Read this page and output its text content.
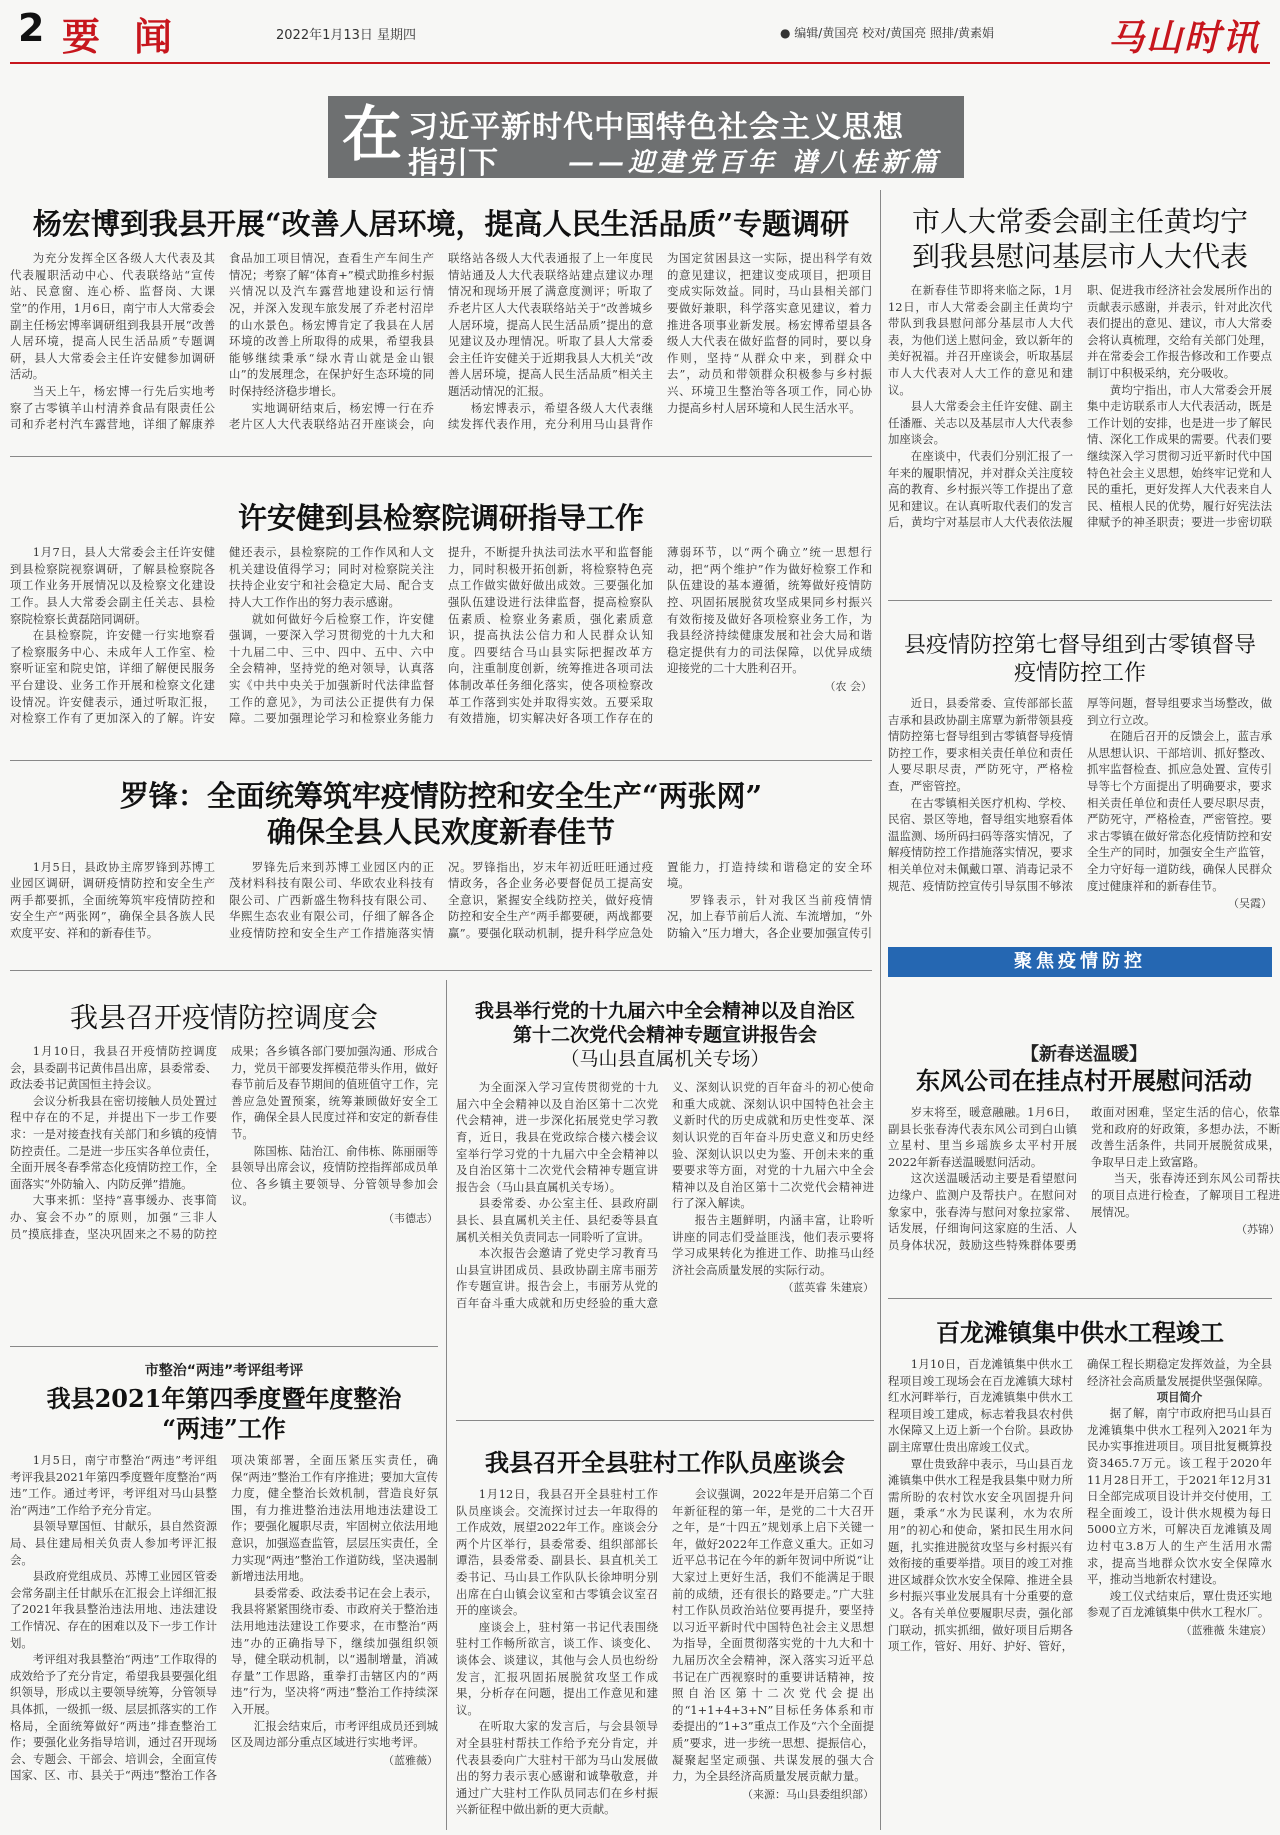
2 要闻	2022年1月13日 星期四	● 编辑/黄国亮 校对/黄国亮 照排/黄素娟	马山时讯
在 习近平新时代中国特色社会主义思想
指引下	——迎建党百年 谱八桂新篇
杨宏博到我县开展“改善人居环境，提高人民生活品质”专题调研

为充分发挥全区各级人大代表及其代表履职活动中心、代表联络站“宣传站、民意窗、连心桥、监督岗、大课堂”的作用，1月6日，南宁市人大常委会副主任杨宏博率调研组到我县开展“改善人居环境，提高人民生活品质”专题调研，县人大常委会主任许安健参加调研活动。

当天上午，杨宏博一行先后实地考察了古零镇羊山村清养食品有限责任公司和乔老村汽车露营地，详细了解康养食品加工项目情况，查看生产车间生产情况；考察了解“体育+”模式助推乡村振兴情况以及汽车露营地建设和运行情况，并深入发现车旅发展了乔老村沼岸的山水景色。杨宏博肯定了我县在人居环境的改善上所取得的成果，希望我县能够继续秉承“绿水青山就是金山银山”的发展理念，在保护好生态环境的同时保持经济稳步增长。

实地调研结束后，杨宏博一行在乔老片区人大代表联络站召开座谈会，向联络站各级人大代表通报了上一年度民情站通及人大代表联络站建点建议办理情况和现场开展了满意度测评；听取了乔老片区人大代表联络站关于“改善城乡人居环境，提高人民生活品质”提出的意见建议及办理情况。听取了县人大常委会主任许安健关于近期我县人大机关“改善人居环境，提高人民生活品质”相关主题活动情况的汇报。

杨宏博表示，希望各级人大代表继续发挥代表作用，充分利用马山县背作为国定贫困县这一实际，提出科学有效的意见建议，把建议变成项目，把项目变成实际效益。同时，马山县相关部门要做好兼职，科学落实意见建议，着力推进各项事业新发展。杨宏博希望县各级人大代表在做好监督的同时，要以身作则，坚持“从群众中来，到群众中去”，动员和带领群众积极参与乡村振兴、环境卫生整治等各项工作，同心协力提高乡村人居环境和人民生活水平。

许安健到县检察院调研指导工作

1月7日，县人大常委会主任许安健到县检察院视察调研，了解县检察院各项工作业务开展情况以及检察文化建设工作。县人大常委会副主任关志、县检察院检察长黄磊陪同调研。

在县检察院，许安健一行实地察看了检察服务中心、未成年人工作室、检察听证室和院史馆，详细了解便民服务平台建设、业务工作开展和检察文化建设情况。许安健表示，通过听取汇报，对检察工作有了更加深入的了解。许安健还表示，县检察院的工作作风和人文机关建设值得学习；同时对检察院关注扶持企业安宁和社会稳定大局、配合支持人大工作作出的努力表示感谢。

就如何做好今后检察工作，许安健强调，一要深入学习贯彻党的十九大和十九届二中、三中、四中、五中、六中全会精神，坚持党的绝对领导，认真落实《中共中央关于加强新时代法律监督工作的意见》，为司法公正提供有力保障。二要加强理论学习和检察业务能力提升，不断提升执法司法水平和监督能力，同时积极开拓创新，将检察特色亮点工作做实做好做出成效。三要强化加强队伍建设进行法律监督，提高检察队伍素质、检察业务素质，强化素质意识，提高执法公信力和人民群众认知度。四要结合马山县实际把握改革方向，注重制度创新，统筹推进各项司法体制改革任务细化落实，使各项检察改革工作落到实处并取得实效。五要采取有效措施，切实解决好各项工作存在的薄弱环节，以“两个确立”统一思想行动，把“两个维护”作为做好检察工作和队伍建设的基本遵循，统筹做好疫情防控、巩固拓展脱贫攻坚成果同乡村振兴有效衔接及做好各项检察业务工作，为我县经济持续健康发展和社会大局和谐稳定提供有力的司法保障，以优异成绩迎接党的二十大胜利召开。

（农 会）
罗锋：全面统筹筑牢疫情防控和安全生产“两张网”
确保全县人民欢度新春佳节

1月5日，县政协主席罗锋到苏博工业园区调研，调研疫情防控和安全生产两手都要抓，全面统筹筑牢疫情防控和安全生产“两张网”，确保全县各族人民欢度平安、祥和的新春佳节。

罗锋先后来到苏博工业园区内的正茂材料科技有限公司、华欧农业科技有限公司、广西新盛生物科技有限公司、华熙生态农业有限公司，仔细了解各企业疫情防控和安全生产工作措施落实情况。罗锋指出，岁末年初近旺旺通过疫情政务，各企业务必要督促员工提高安全意识，紧握安全线防控关，做好疫情防控和安全生产“两手都要硬，两战都要赢”。要强化联动机制，提升科学应急处置能力，打造持续和谐稳定的安全环境。

罗锋表示，针对我区当前疫情情况，加上春节前后人流、车流增加，“外防输入”压力增大，各企业要加强宣传引

我县召开疫情防控调度会

1月10日，我县召开疫情防控调度会，县委副书记黄伟昌出席，县委常委、政法委书记黄国恒主持会议。

会议分析我县在密切接触人员处置过程中存在的不足，并提出下一步工作要求：一是对接查找有关部门和乡镇的疫情防控责任。二是进一步压实各单位责任，全面开展冬春季常态化疫情防控工作，全面落实“外防输入、内防反弹”措施。

大事来抓：坚持“喜事缓办、丧事简办、宴会不办”的原则，加强“三非人员”摸底排查，坚决巩固来之不易的防控成果；各乡镇各部门要加强沟通、形成合力，党员干部要发挥模范带头作用，做好春节前后及春节期间的值班值守工作，完善应急处置预案，统筹兼顾做好安全工作，确保全县人民度过祥和安定的新春佳节。

陈国栋、陆治江、俞伟栋、陈丽丽等县领导出席会议，疫情防控指挥部成员单位、各乡镇主要领导、分管领导参加会议。

（韦德志）
市整治“两违”考评组考评
我县2021年第四季度暨年度整治
“两违”工作

1月5日，南宁市整治“两违”考评组考评我县2021年第四季度暨年度整治“两违”工作。通过考评，考评组对马山县整治“两违”工作给予充分肯定。

县领导覃国恒、甘献乐，县自然资源局、县住建局相关负责人参加考评汇报会。

县政府党组成员、苏博工业园区管委会常务副主任甘献乐在汇报会上详细汇报了2021年我县整治违法用地、违法建设工作情况、存在的困难以及下一步工作计划。

考评组对我县整治“两违”工作取得的成效给予了充分肯定，希望我县要强化组织领导，形成以主要领导统筹，分管领导具体抓，一级抓一级、层层抓落实的工作格局，全面统筹做好“两违”排查整治工作；要强化业务指导培训，通过召开现场会、专题会、干部会、培训会，全面宣传国家、区、市、县关于“两违”整治工作各项决策部署，全面压紧压实责任，确保“两违”整治工作有序推进；要加大宣传力度，健全整治长效机制，营造良好氛围，有力推进整治违法用地违法建设工作；要强化履职尽责，牢固树立依法用地意识，加强巡查监管，层层压实责任，全力实现“两违”整治工作道防线，坚决遏制新增违法用地。

县委常委、政法委书记在会上表示，我县将紧紧围绕市委、市政府关于整治违法用地违法建设工作要求，在市整治“两违”办的正确指导下，继续加强组织领导，健全联动机制，以“遏制增量，消减存量”工作思路，重拳打击辖区内的“两违”行为，坚决将“两违”整治工作持续深入开展。

汇报会结束后，市考评组成员还到城区及周边部分重点区域进行实地考评。

（蓝雅薇）
我县举行党的十九届六中全会精神以及自治区
第十二次党代会精神专题宣讲报告会
（马山县直属机关专场）

为全面深入学习宣传贯彻党的十九届六中全会精神以及自治区第十二次党代会精神，进一步深化拓展党史学习教育，近日，我县在党政综合楼六楼会议室举行学习党的十九届六中全会精神以及自治区第十二次党代会精神专题宣讲报告会（马山县直属机关专场）。

县委常委、办公室主任、县政府副县长、县直属机关主任、县纪委等县直属机关相关负责同志一同聆听了宣讲。

本次报告会邀请了党史学习教育马山县宣讲团成员、县政协副主席韦丽芳作专题宣讲。报告会上，韦丽芳从党的百年奋斗重大成就和历史经验的重大意义、深刻认识党的百年奋斗的初心使命和重大成就、深刻认识中国特色社会主义新时代的历史成就和历史性变革、深刻认识党的百年奋斗历史意义和历史经验、深刻认识以史为鉴、开创未来的重要要求等方面，对党的十九届六中全会精神以及自治区第十二次党代会精神进行了深入解读。

报告主题鲜明，内涵丰富，让聆听讲座的同志们受益匪浅，他们表示要将学习成果转化为推进工作、助推马山经济社会高质量发展的实际行动。

（蓝英睿 朱建宸）
我县召开全县驻村工作队员座谈会

1月12日，我县召开全县驻村工作队员座谈会。交流探讨过去一年取得的工作成效，展望2022年工作。座谈会分两个片区举行，县委常委、组织部部长谭浩，县委常委、副县长、县直机关工委书记、马山县工作队队长徐坤明分别出席在白山镇会议室和古零镇会议室召开的座谈会。

座谈会上，驻村第一书记代表围绕驻村工作畅所欲言，谈工作、谈变化、谈体会、谈建议，其他与会人员也纷纷发言，汇报巩固拓展脱贫攻坚工作成果，分析存在问题，提出工作意见和建议。

在听取大家的发言后，与会县领导对全县驻村帮扶工作给予充分肯定，并代表县委向广大驻村干部为马山发展做出的努力表示衷心感谢和诚挚敬意，并通过广大驻村工作队员同志们在乡村振兴新征程中做出新的更大贡献。

会议强调，2022年是开启第二个百年新征程的第一年，是党的二十大召开之年，是“十四五”规划承上启下关键一年，做好2022年工作意义重大。正如习近平总书记在今年的新年贺词中所说“让大家过上更好生活，我们不能满足于眼前的成绩，还有很长的路要走。”广大驻村工作队员政治站位要再提升，要坚持以习近平新时代中国特色社会主义思想为指导，全面贯彻落实党的十九大和十九届历次全会精神，深入落实习近平总书记在广西视察时的重要讲话精神，按照自治区第十二次党代会提出的“1+1+4+3+N”目标任务体系和市委提出的“1+3”重点工作及“六个全面提质”要求，进一步统一思想、提振信心，凝聚起坚定顽强、共谋发展的强大合力，为全县经济高质量发展贡献力量。

（来源：马山县委组织部）
市人大常委会副主任黄均宁
到我县慰问基层市人大代表

在新春佳节即将来临之际，1月12日，市人大常委会副主任黄均宁带队到我县慰问部分基层市人大代表，为他们送上慰问金，致以新年的美好祝福。并召开座谈会，听取基层市人大代表对人大工作的意见和建议。

县人大常委会主任许安健、副主任潘雁、关志以及基层市人大代表参加座谈会。

在座谈中，代表们分别汇报了一年来的履职情况，并对群众关注度较高的教育、乡村振兴等工作提出了意见和建议。在认真听取代表们的发言后，黄均宁对基层市人大代表依法履职、促进我市经济社会发展所作出的贡献表示感谢，并表示，针对此次代表们提出的意见、建议，市人大常委会将认真梳理，交给有关部门处理，并在常委会工作报告修改和工作要点制订中积极采纳，充分吸收。

黄均宁指出，市人大常委会开展集中走访联系市人大代表活动，既是工作计划的安排，也是进一步了解民情、深化工作成果的需要。代表们要继续深入学习贯彻习近平新时代中国特色社会主义思想，始终牢记党和人民的重托，更好发挥人大代表来自人民、植根人民的优势，履行好宪法法律赋予的神圣职责；要进一步密切联

县疫情防控第七督导组到古零镇督导
疫情防控工作

近日，县委常委、宣传部部长蓝吉承和县政协副主席覃为新带领县疫情防控第七督导组到古零镇督导疫情防控工作，要求相关责任单位和责任人要尽职尽责，严防死守，严格检查，严密管控。

在古零镇相关医疗机构、学校、民宿、景区等地，督导组实地察看体温监测、场所码扫码等落实情况，了解疫情防控工作措施落实情况，要求相关单位对未佩戴口罩、消毒记录不规范、疫情防控宣传引导氛围不够浓厚等问题，督导组要求当场整改，做到立行立改。

在随后召开的反馈会上，蓝吉承从思想认识、干部培训、抓好整改、抓牢监督检查、抓应急处置、宣传引导等七个方面提出了明确要求，要求相关责任单位和责任人要尽职尽责，严防死守，严格检查，严密管控。要求古零镇在做好常态化疫情防控和安全生产的同时，加强安全生产监管，全力守好每一道防线，确保人民群众度过健康祥和的新春佳节。

（吴霞）
聚焦疫情防控
【新春送温暖】
东风公司在挂点村开展慰问活动

岁末将至，暖意融融。1月6日，副县长张春涛代表东风公司到白山镇立星村、里当乡瑶族乡太平村开展2022年新春送温暖慰问活动。

这次送温暖活动主要是看望慰问边缘户、监测户及帮扶户。在慰问对象家中，张春涛与慰问对象拉家常、话发展，仔细询问这家庭的生活、人员身体状况，鼓励这些特殊群体要勇敢面对困难，坚定生活的信心，依靠党和政府的好政策，多想办法，不断改善生活条件，共同开展脱贫成果，争取早日走上致富路。

当天，张春涛还到东风公司帮扶的项目点进行检查，了解项目工程进展情况。

（苏锦）
百龙滩镇集中供水工程竣工

1月10日，百龙滩镇集中供水工程项目竣工现场会在百龙滩镇大球村红水河畔举行，百龙滩镇集中供水工程项目竣工建成，标志着我县农村供水保障又上迈上新一个台阶。县政协副主席覃仕贵出席竣工仪式。

覃仕贵致辞中表示，马山县百龙滩镇集中供水工程是我县集中财力所需所盼的农村饮水安全巩固提升问题，秉承“水为民谋利，水为农所用”的初心和使命，紧扣民生用水问题，扎实推进脱贫攻坚与乡村振兴有效衔接的重要举措。项目的竣工对推进区域群众饮水安全保障、推进全县乡村振兴事业发展具有十分重要的意义。各有关单位要履职尽责，强化部门联动，抓实抓细，做好项目后期各项工作，管好、用好、护好、管好，确保工程长期稳定发挥效益，为全县经济社会高质量发展提供坚强保障。

项目简介

据了解，南宁市政府把马山县百龙滩镇集中供水工程列入2021年为民办实事推进项目。项目批复概算投资3465.7万元。该工程于2020年11月28日开工，于2021年12月31日全部完成项目设计并交付使用，工程全面竣工，设计供水规模为每日5000立方米，可解决百龙滩镇及周边村屯3.8万人的生产生活用水需求，提高当地群众饮水安全保障水平，推动当地新农村建设。

竣工仪式结束后，覃仕贵还实地参观了百龙滩镇集中供水工程水厂。

（蓝雅薇 朱建宸）
